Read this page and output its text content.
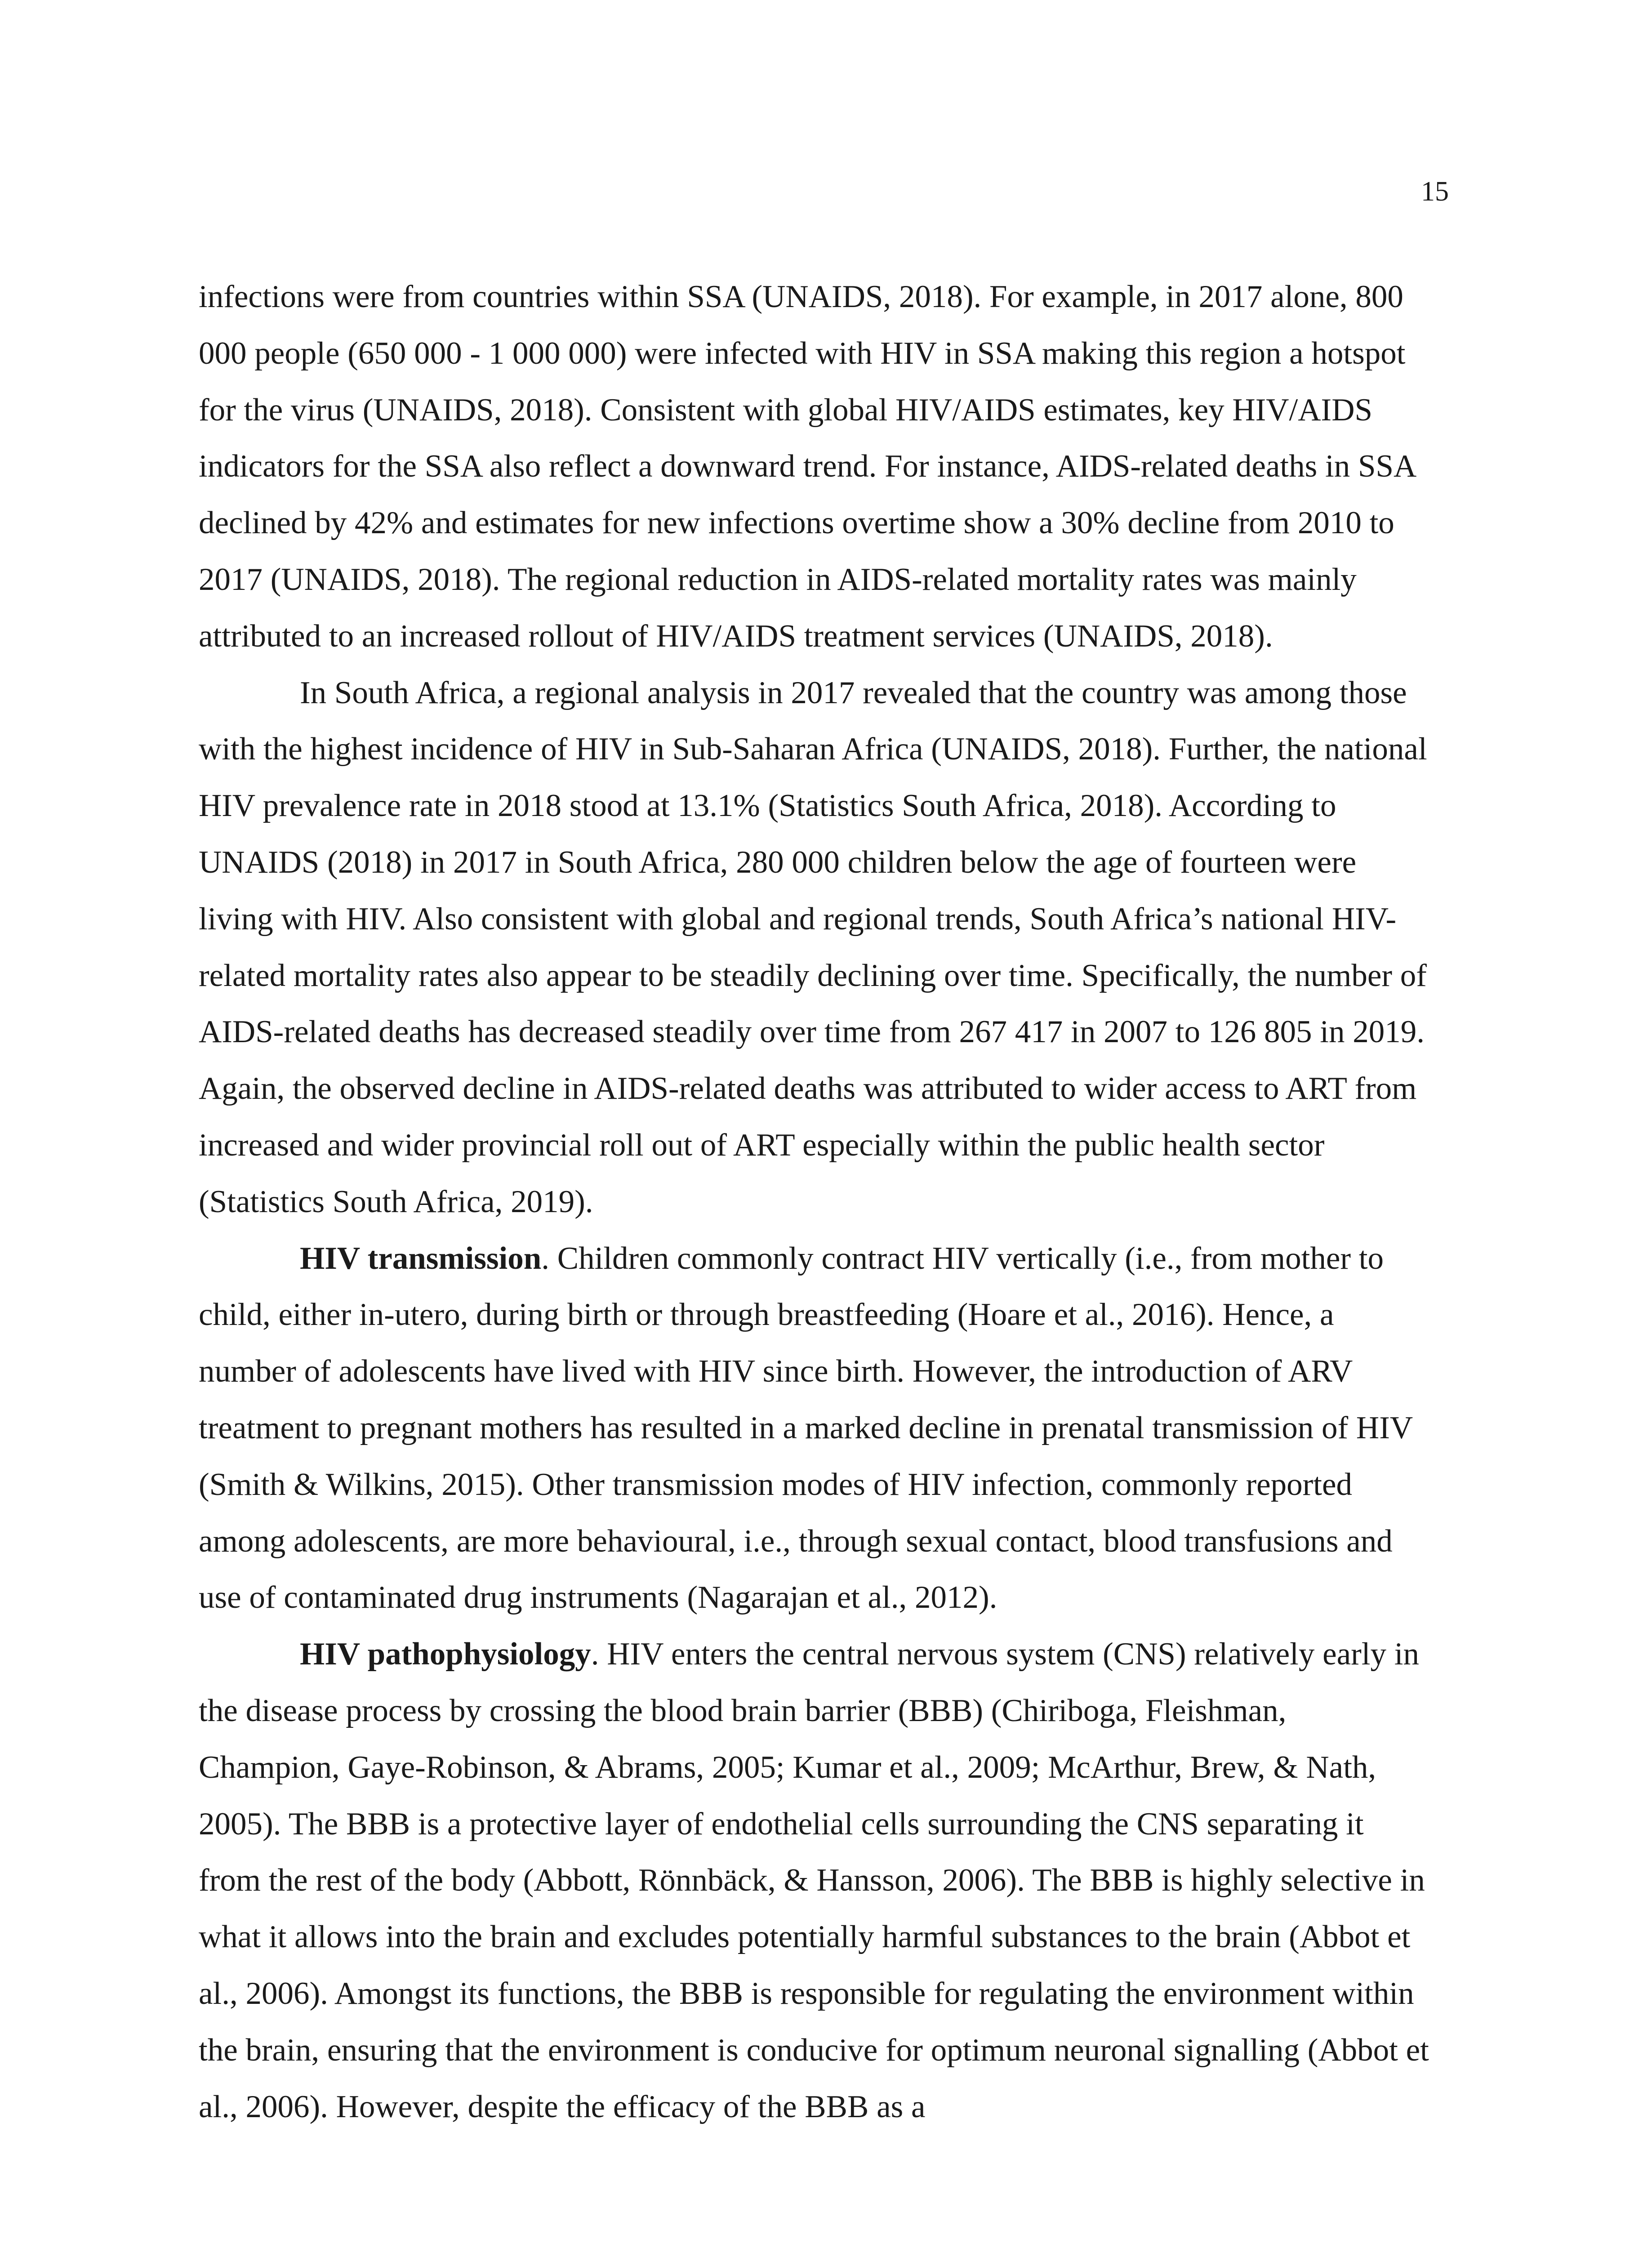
15

infections were from countries within SSA (UNAIDS, 2018). For example, in 2017 alone, 800 000 people (650 000 - 1 000 000) were infected with HIV in SSA making this region a hotspot for the virus (UNAIDS, 2018). Consistent with global HIV/AIDS estimates, key HIV/AIDS indicators for the SSA also reflect a downward trend. For instance, AIDS-related deaths in SSA declined by 42% and estimates for new infections overtime show a 30% decline from 2010 to 2017 (UNAIDS, 2018). The regional reduction in AIDS-related mortality rates was mainly attributed to an increased rollout of HIV/AIDS treatment services (UNAIDS, 2018).

In South Africa, a regional analysis in 2017 revealed that the country was among those with the highest incidence of HIV in Sub-Saharan Africa (UNAIDS, 2018). Further, the national HIV prevalence rate in 2018 stood at 13.1% (Statistics South Africa, 2018). According to UNAIDS (2018) in 2017 in South Africa, 280 000 children below the age of fourteen were living with HIV. Also consistent with global and regional trends, South Africa’s national HIV-related mortality rates also appear to be steadily declining over time. Specifically, the number of AIDS-related deaths has decreased steadily over time from 267 417 in 2007 to 126 805 in 2019. Again, the observed decline in AIDS-related deaths was attributed to wider access to ART from increased and wider provincial roll out of ART especially within the public health sector (Statistics South Africa, 2019).

HIV transmission. Children commonly contract HIV vertically (i.e., from mother to child, either in-utero, during birth or through breastfeeding (Hoare et al., 2016). Hence, a number of adolescents have lived with HIV since birth. However, the introduction of ARV treatment to pregnant mothers has resulted in a marked decline in prenatal transmission of HIV (Smith & Wilkins, 2015). Other transmission modes of HIV infection, commonly reported among adolescents, are more behavioural, i.e., through sexual contact, blood transfusions and use of contaminated drug instruments (Nagarajan et al., 2012).

HIV pathophysiology. HIV enters the central nervous system (CNS) relatively early in the disease process by crossing the blood brain barrier (BBB) (Chiriboga, Fleishman, Champion, Gaye-Robinson, & Abrams, 2005; Kumar et al., 2009; McArthur, Brew, & Nath, 2005). The BBB is a protective layer of endothelial cells surrounding the CNS separating it from the rest of the body (Abbott, Rönnbäck, & Hansson, 2006). The BBB is highly selective in what it allows into the brain and excludes potentially harmful substances to the brain (Abbot et al., 2006). Amongst its functions, the BBB is responsible for regulating the environment within the brain, ensuring that the environment is conducive for optimum neuronal signalling (Abbot et al., 2006). However, despite the efficacy of the BBB as a
